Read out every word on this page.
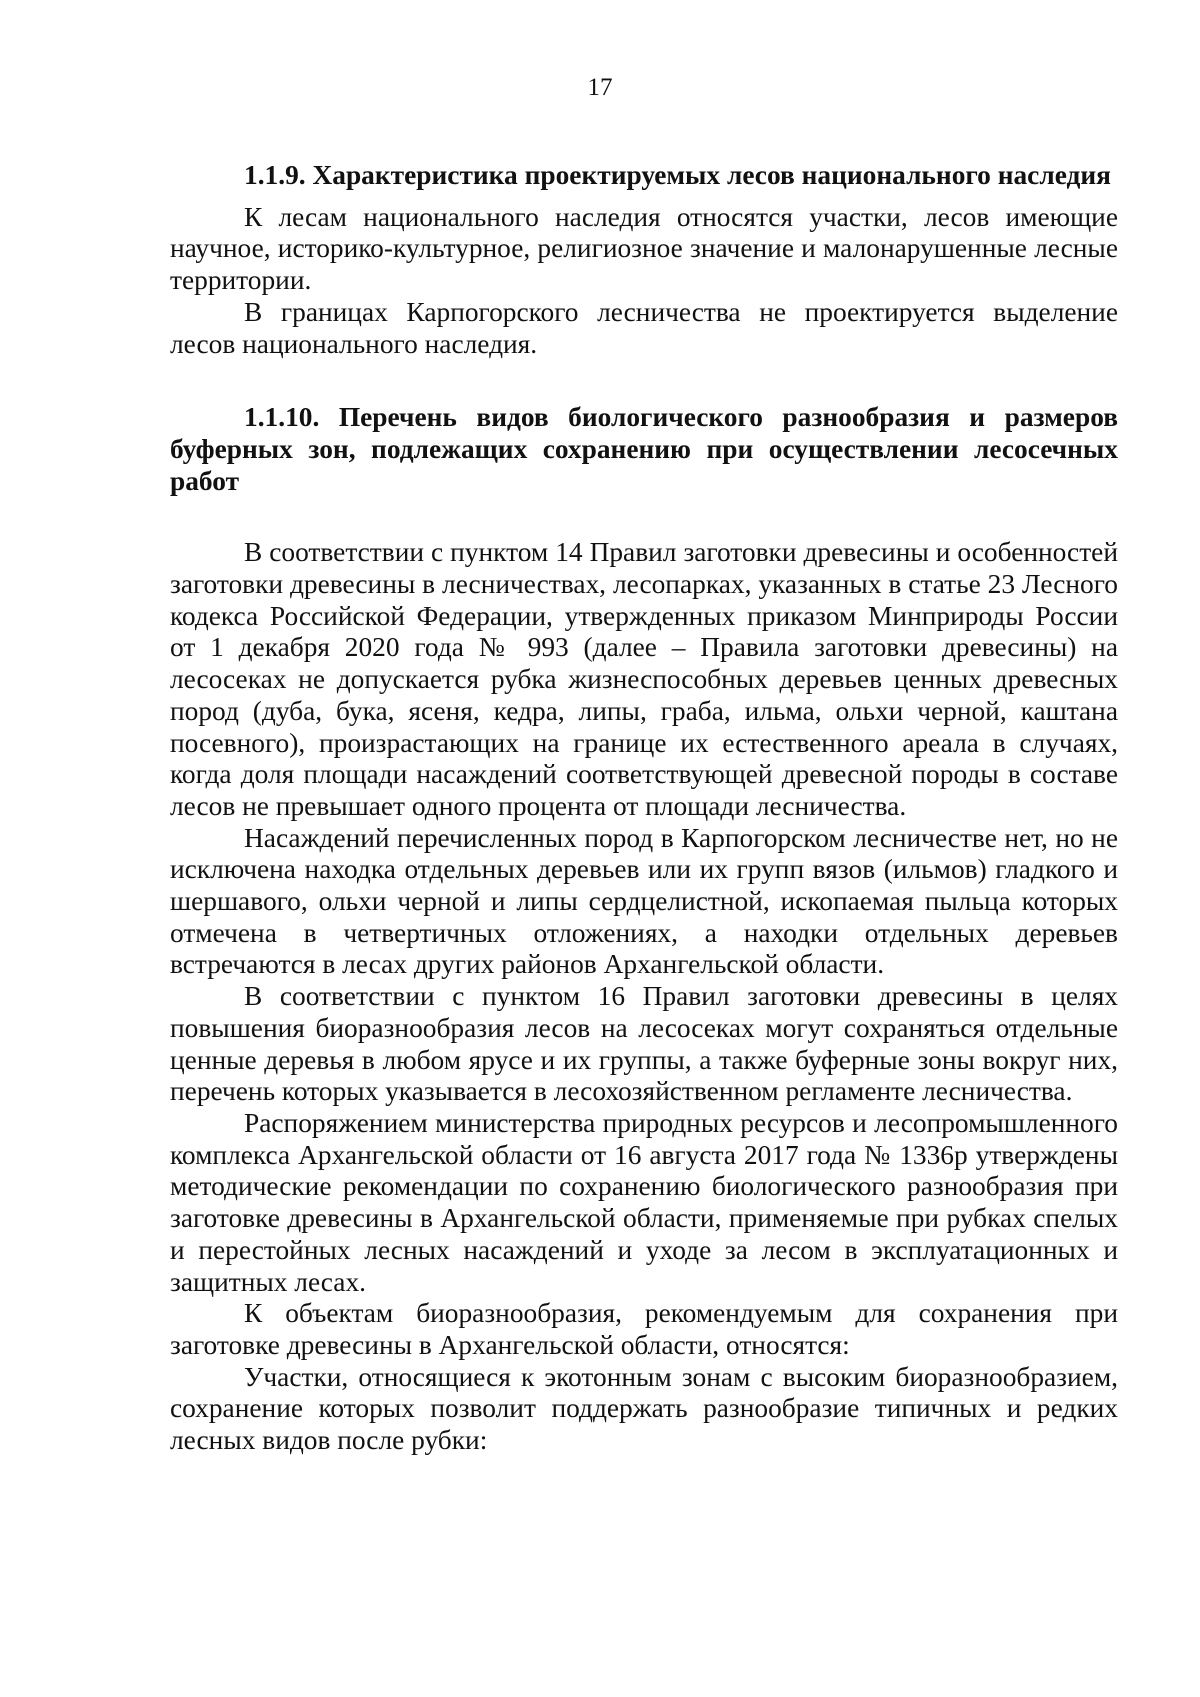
17

1.1.9. Характеристика проектируемых лесов национального наследия

К лесам национального наследия относятся участки, лесов имеющие научное, историко-культурное, религиозное значение и малонарушенные лесные территории.

В границах Карпогорского лесничества не проектируется выделение лесов национального наследия.

1.1.10. Перечень видов биологического разнообразия и размеров буферных зон, подлежащих сохранению при осуществлении лесосечных работ

В соответствии с пунктом 14 Правил заготовки древесины и особенностей заготовки древесины в лесничествах, лесопарках, указанных в статье 23 Лесного кодекса Российской Федерации, утвержденных приказом Минприроды России от 1 декабря 2020 года № 993 (далее – Правила заготовки древесины) на лесосеках не допускается рубка жизнеспособных деревьев ценных древесных пород (дуба, бука, ясеня, кедра, липы, граба, ильма, ольхи черной, каштана посевного), произрастающих на границе их естественного ареала в случаях, когда доля площади насаждений соответствующей древесной породы в составе лесов не превышает одного процента от площади лесничества.

Насаждений перечисленных пород в Карпогорском лесничестве нет, но не исключена находка отдельных деревьев или их групп вязов (ильмов) гладкого и шершавого, ольхи черной и липы сердцелистной, ископаемая пыльца которых отмечена в четвертичных отложениях, а находки отдельных деревьев встречаются в лесах других районов Архангельской области.

В соответствии с пунктом 16 Правил заготовки древесины в целях повышения биоразнообразия лесов на лесосеках могут сохраняться отдельные ценные деревья в любом ярусе и их группы, а также буферные зоны вокруг них, перечень которых указывается в лесохозяйственном регламенте лесничества.

Распоряжением министерства природных ресурсов и лесопромышленного комплекса Архангельской области от 16 августа 2017 года № 1336р утверждены методические рекомендации по сохранению биологического разнообразия при заготовке древесины в Архангельской области, применяемые при рубках спелых и перестойных лесных насаждений и уходе за лесом в эксплуатационных и защитных лесах.

К объектам биоразнообразия, рекомендуемым для сохранения при заготовке древесины в Архангельской области, относятся:

Участки, относящиеся к экотонным зонам с высоким биоразнообразием, сохранение которых позволит поддержать разнообразие типичных и редких лесных видов после рубки:
